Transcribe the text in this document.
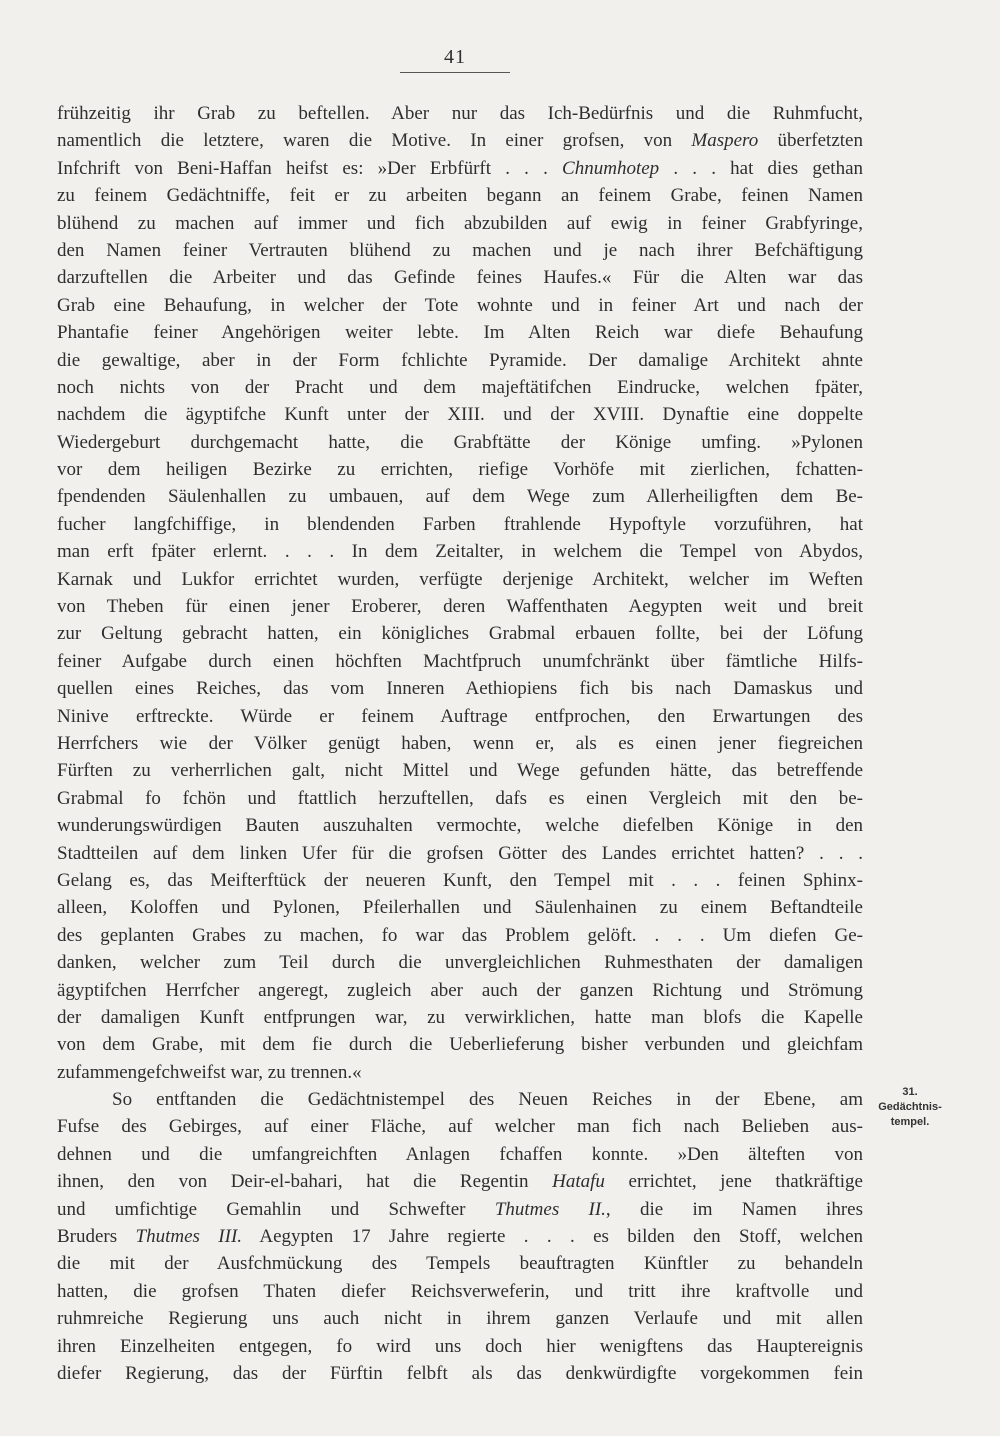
41
frühzeitig ihr Grab zu beftellen. Aber nur das Ich-Bedürfnis und die Ruhmfucht,
namentlich die letztere, waren die Motive. In einer grofsen, von Maspero überfetzten
Infchrift von Beni-Haffan heifst es: »Der Erbfürft . . . Chnumhotep . . . hat dies gethan
zu feinem Gedächtniffe, feit er zu arbeiten begann an feinem Grabe, feinen Namen
blühend zu machen auf immer und fich abzubilden auf ewig in feiner Grabfyringe,
den Namen feiner Vertrauten blühend zu machen und je nach ihrer Befchäftigung
darzuftellen die Arbeiter und das Gefinde feines Haufes.« Für die Alten war das
Grab eine Behaufung, in welcher der Tote wohnte und in feiner Art und nach der
Phantafie feiner Angehörigen weiter lebte. Im Alten Reich war diefe Behaufung
die gewaltige, aber in der Form fchlichte Pyramide. Der damalige Architekt ahnte
noch nichts von der Pracht und dem majeftätifchen Eindrucke, welchen fpäter,
nachdem die ägyptifche Kunft unter der XIII. und der XVIII. Dynaftie eine doppelte
Wiedergeburt durchgemacht hatte, die Grabftätte der Könige umfing. »Pylonen
vor dem heiligen Bezirke zu errichten, riefige Vorhöfe mit zierlichen, fchatten-
fpendenden Säulenhallen zu umbauen, auf dem Wege zum Allerheiligften dem Be-
fucher langfchiffige, in blendenden Farben ftrahlende Hypoftyle vorzuführen, hat
man erft fpäter erlernt. . . . In dem Zeitalter, in welchem die Tempel von Abydos,
Karnak und Lukfor errichtet wurden, verfügte derjenige Architekt, welcher im Weften
von Theben für einen jener Eroberer, deren Waffenthaten Aegypten weit und breit
zur Geltung gebracht hatten, ein königliches Grabmal erbauen follte, bei der Löfung
feiner Aufgabe durch einen höchften Machtfpruch unumfchränkt über fämtliche Hilfs-
quellen eines Reiches, das vom Inneren Aethiopiens fich bis nach Damaskus und
Ninive erftreckte. Würde er feinem Auftrage entfprochen, den Erwartungen des
Herrfchers wie der Völker genügt haben, wenn er, als es einen jener fiegreichen
Fürften zu verherrlichen galt, nicht Mittel und Wege gefunden hätte, das betreffende
Grabmal fo fchön und ftattlich herzuftellen, dafs es einen Vergleich mit den be-
wunderungswürdigen Bauten auszuhalten vermochte, welche diefelben Könige in den
Stadtteilen auf dem linken Ufer für die grofsen Götter des Landes errichtet hatten? . . .
Gelang es, das Meifterftück der neueren Kunft, den Tempel mit . . . feinen Sphinx-
alleen, Koloffen und Pylonen, Pfeilerhallen und Säulenhainen zu einem Beftandteile
des geplanten Grabes zu machen, fo war das Problem gelöft. . . . Um diefen Ge-
danken, welcher zum Teil durch die unvergleichlichen Ruhmesthaten der damaligen
ägyptifchen Herrfcher angeregt, zugleich aber auch der ganzen Richtung und Strömung
der damaligen Kunft entfprungen war, zu verwirklichen, hatte man blofs die Kapelle
von dem Grabe, mit dem fie durch die Ueberlieferung bisher verbunden und gleichfam
zufammengefchweifst war, zu trennen.«
So entftanden die Gedächtnistempel des Neuen Reiches in der Ebene, am
Fufse des Gebirges, auf einer Fläche, auf welcher man fich nach Belieben aus-
dehnen und die umfangreichften Anlagen fchaffen konnte. »Den älteften von
ihnen, den von Deir-el-bahari, hat die Regentin Hatafu errichtet, jene thatkräftige
und umfichtige Gemahlin und Schwefter Thutmes II., die im Namen ihres
Bruders Thutmes III. Aegypten 17 Jahre regierte . . . es bilden den Stoff, welchen
die mit der Ausfchmückung des Tempels beauftragten Künftler zu behandeln
hatten, die grofsen Thaten diefer Reichsverweferin, und tritt ihre kraftvolle und
ruhmreiche Regierung uns auch nicht in ihrem ganzen Verlaufe und mit allen
ihren Einzelheiten entgegen, fo wird uns doch hier wenigftens das Hauptereignis
diefer Regierung, das der Fürftin felbft als das denkwürdigfte vorgekommen fein
31.
Gedächtnis-
tempel.
